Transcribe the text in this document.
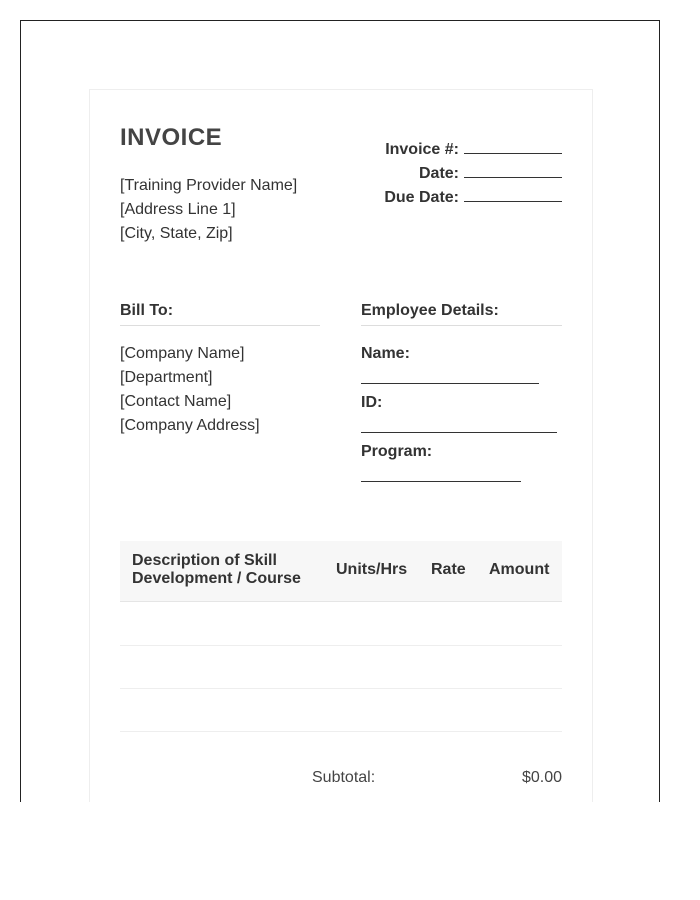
INVOICE
[Training Provider Name]
[Address Line 1]
[City, State, Zip]
Invoice #:
Date:
Due Date:
Bill To:	Employee Details:
[Company Name]
[Department]
[Contact Name]
[Company Address]
Name:
ID:
Program:
Description of Skill Development / Course
Units/Hrs Rate Amount
Subtotal:	$0.00
